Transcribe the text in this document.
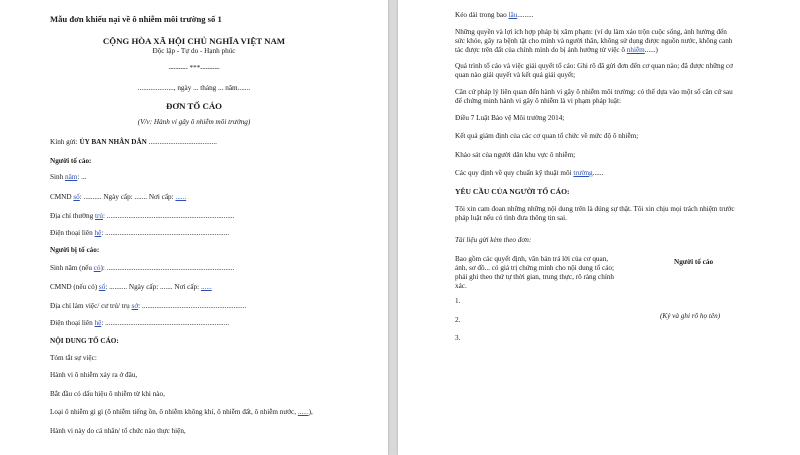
Mẫu đơn khiếu nại về ô nhiễm môi trường số 1
CỘNG HÒA XÃ HỘI CHỦ NGHĨA VIỆT NAM
Độc lập - Tự do - Hạnh phúc
-------- ***--------
...................., ngày ... tháng ... năm.......
ĐƠN TỐ CÁO
(V/v: Hành vi gây ô nhiễm môi trường)
Kính gửi: ỦY BAN NHÂN DÂN ......................................
Người tố cáo:
Sinh năm: ...
CMND số: .......... Ngày cấp: ....... Nơi cấp: ......
Địa chỉ thường trú: .......................................................................
Điện thoại liên hệ: .....................................................................
Người bị tố cáo:
Sinh năm (nếu có): .......................................................................
CMND (nếu có) số: .......... Ngày cấp: ....... Nơi cấp: ......
Địa chỉ làm việc/ cư trú/ trụ sở: ..........................................................
Điện thoại liên hệ: .....................................................................
NỘI DUNG TỐ CÁO:
Tóm tắt sự việc:
Hành vi ô nhiễm xảy ra ở đâu,
Bắt đầu có dấu hiệu ô nhiễm từ khi nào,
Loại ô nhiễm gì gì (ô nhiễm tiếng ồn, ô nhiễm không khí, ô nhiễm đất, ô nhiễm nước, ......),
Hành vi này do cá nhân/ tổ chức nào thực hiện,
Kéo dài trong bao lâu.........
Những quyền và lợi ích hợp pháp bị xâm phạm: (ví dụ làm xáo trộn cuộc sống, ảnh hưởng đến
sức khỏe, gây ra bệnh tật cho mình và người thân, không sử dụng được nguồn nước, không canh
tác được trên đất của chính mình do bị ảnh hưởng từ việc ô nhiễm......)
Quá trình tố cáo và việc giải quyết tố cáo: Ghi rõ đã gửi đơn đến cơ quan nào; đã được những cơ
quan nào giải quyết và kết quả giải quyết;
Căn cứ pháp lý liên quan đến hành vi gây ô nhiễm môi trường: có thể dựa vào một số căn cứ sau
để chứng minh hành vi gây ô nhiễm là vi phạm pháp luật:
Điều 7 Luật Bảo vệ Môi trường 2014;
Kết quả giám định của các cơ quan tổ chức về mức độ ô nhiễm;
Khảo sát của người dân khu vực ô nhiễm;
Các quy định về quy chuẩn kỹ thuật môi trường......
YÊU CẦU CỦA NGƯỜI TỐ CÁO:
Tôi xin cam đoan những những nội dung trên là đúng sự thật. Tôi xin chịu mọi trách nhiệm trước
pháp luật nếu có tình đưa thông tin sai.
Tài liệu gửi kèm theo đơn:
Bao gồm các quyết định, văn bản trả lời của cơ quan,
ảnh, sơ đồ... có giá trị chứng minh cho nội dung tố cáo;
phải ghi theo thứ tự thời gian, trung thực, rõ ràng chính
xác.
Người tố cáo
(Ký và ghi rõ họ tên)
1.
2.
3.
